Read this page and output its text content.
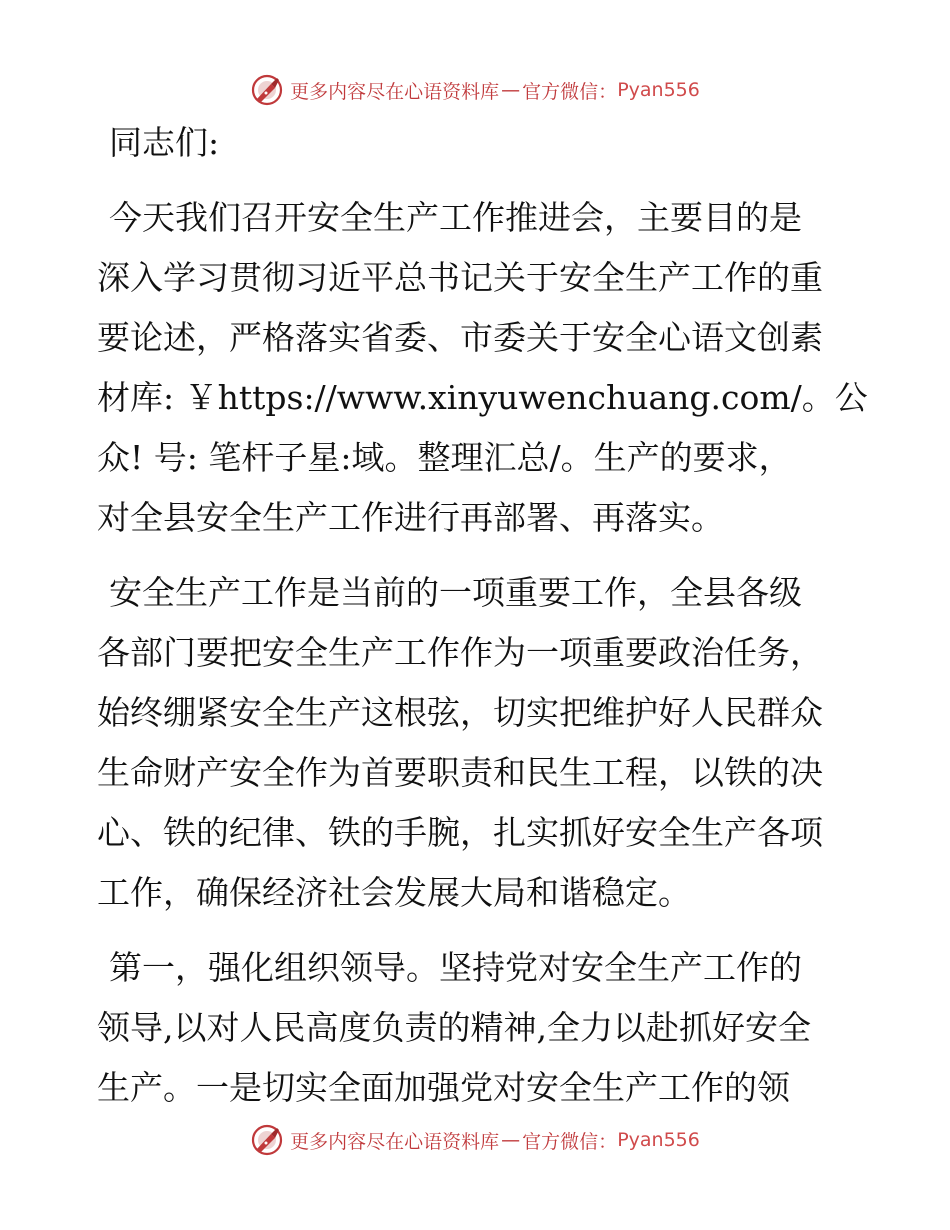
更多内容尽在心语资料库 — 官方微信： Pyan556
同志们:
今天我们召开安全生产工作推进会，主要目的是
深入学习贯彻习近平总书记关于安全生产工作的重
要论述，严格落实省委、市委关于安全心语文创素
材库: ￥https://www.xinyuwenchuang.com/。公
众! 号: 笔杆子星:域。整理汇总/。生产的要求，
对全县安全生产工作进行再部署、再落实。
安全生产工作是当前的一项重要工作，全县各级
各部门要把安全生产工作作为一项重要政治任务，
始终绷紧安全生产这根弦，切实把维护好人民群众
生命财产安全作为首要职责和民生工程，以铁的决
心、铁的纪律、铁的手腕，扎实抓好安全生产各项
工作，确保经济社会发展大局和谐稳定。
第一，强化组织领导。坚持党对安全生产工作的
领导,以对人民高度负责的精神,全力以赴抓好安全
生产。一是切实全面加强党对安全生产工作的领
更多内容尽在心语资料库 — 官方微信： Pyan556
